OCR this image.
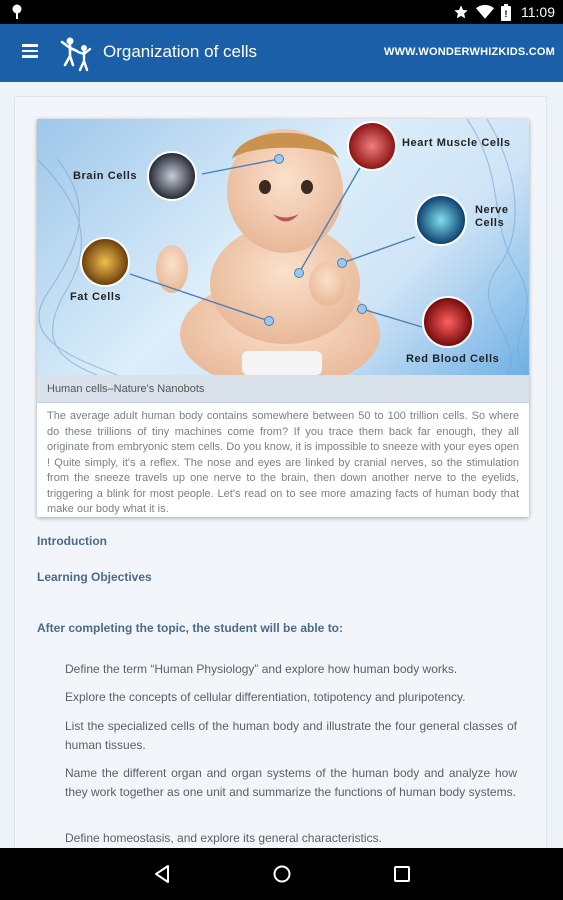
! 11:09
Organization of cells	WWW.WONDERWHIZKIDS.COM
Brain Cells
Heart Muscle Cells
Nerve
Cells
Fat Cells
Red Blood Cells
Human cells–Nature's Nanobots
The average adult human body contains somewhere between 50 to 100 trillion cells. So where do these trillions of tiny machines come from? If you trace them back far enough, they all originate from embryonic stem cells. Do you know, it is impossible to sneeze with your eyes open ! Quite simply, it's a reflex. The nose and eyes are linked by cranial nerves, so the stimulation from the sneeze travels up one nerve to the brain, then down another nerve to the eyelids, triggering a blink for most people. Let's read on to see more amazing facts of human body that make our body what it is.
Introduction
Learning Objectives
After completing the topic, the student will be able to:
Define the term “Human Physiology” and explore how human body works.
Explore the concepts of cellular differentiation, totipotency and pluripotency.
List the specialized cells of the human body and illustrate the four general classes of human tissues.
Name the different organ and organ systems of the human body and analyze how they work together as one unit and summarize the functions of human body systems.
Define homeostasis, and explore its general characteristics.
